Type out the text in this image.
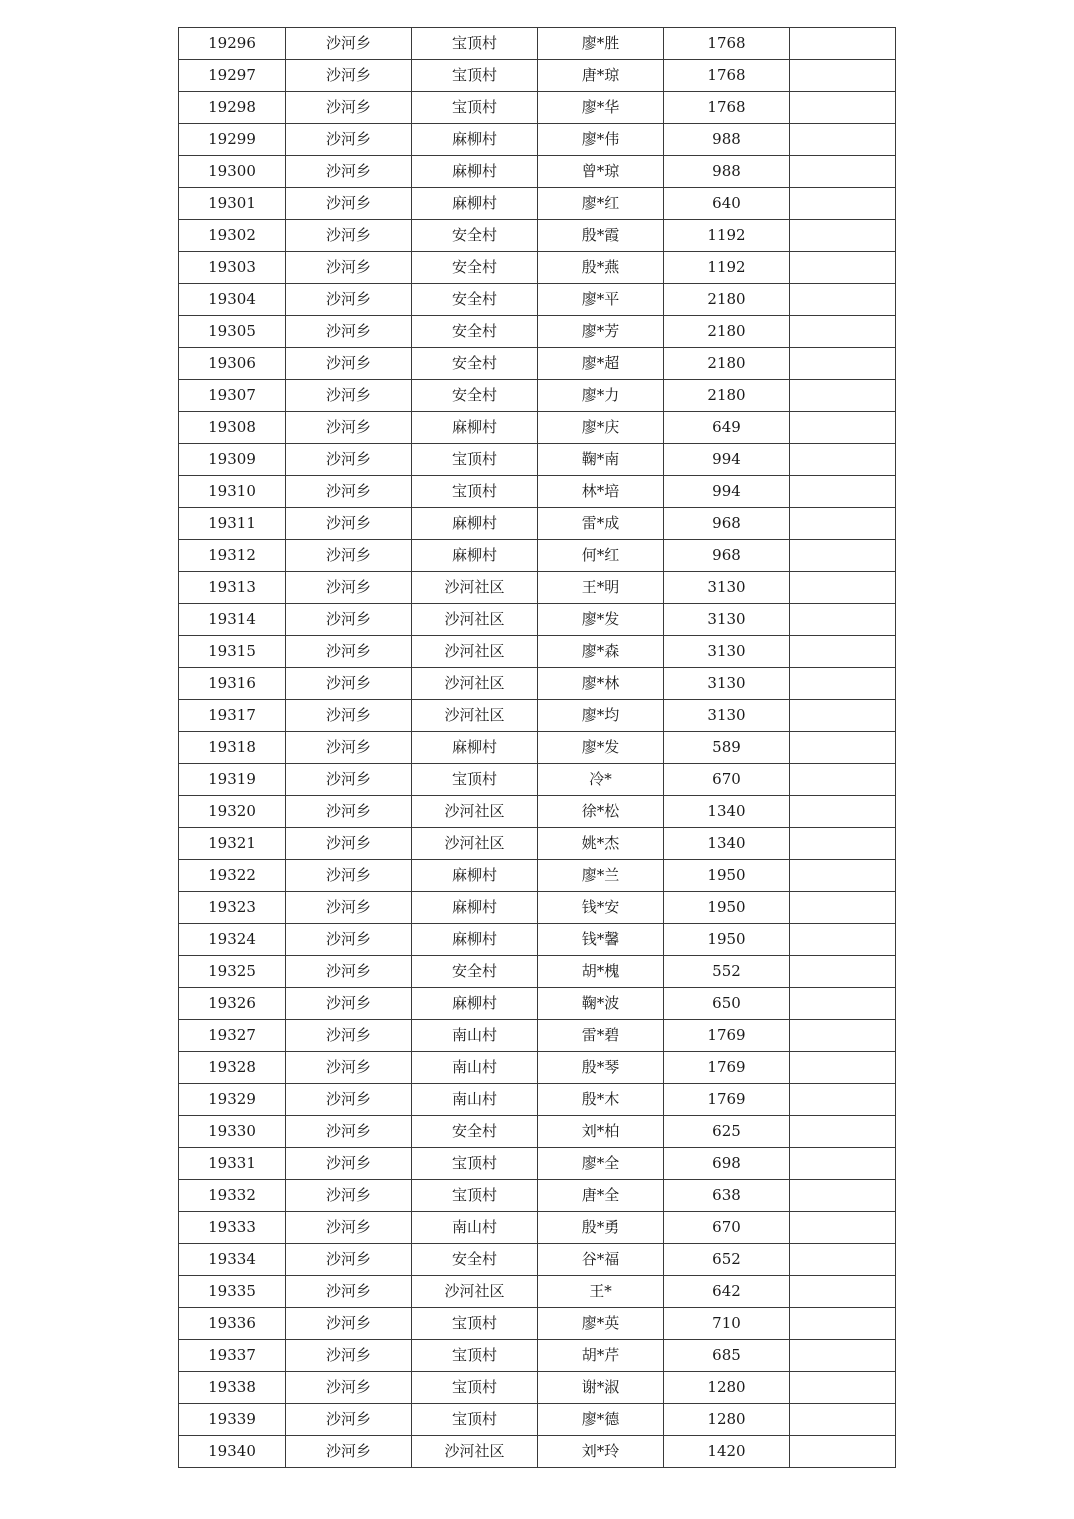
19296	沙河乡	宝顶村	廖*胜	1768	
19297	沙河乡	宝顶村	唐*琼	1768	
19298	沙河乡	宝顶村	廖*华	1768	
19299	沙河乡	麻柳村	廖*伟	988	
19300	沙河乡	麻柳村	曾*琼	988	
19301	沙河乡	麻柳村	廖*红	640	
19302	沙河乡	安全村	殷*霞	1192	
19303	沙河乡	安全村	殷*燕	1192	
19304	沙河乡	安全村	廖*平	2180	
19305	沙河乡	安全村	廖*芳	2180	
19306	沙河乡	安全村	廖*超	2180	
19307	沙河乡	安全村	廖*力	2180	
19308	沙河乡	麻柳村	廖*庆	649	
19309	沙河乡	宝顶村	鞠*南	994	
19310	沙河乡	宝顶村	林*培	994	
19311	沙河乡	麻柳村	雷*成	968	
19312	沙河乡	麻柳村	何*红	968	
19313	沙河乡	沙河社区	王*明	3130	
19314	沙河乡	沙河社区	廖*发	3130	
19315	沙河乡	沙河社区	廖*森	3130	
19316	沙河乡	沙河社区	廖*林	3130	
19317	沙河乡	沙河社区	廖*均	3130	
19318	沙河乡	麻柳村	廖*发	589	
19319	沙河乡	宝顶村	冷*	670	
19320	沙河乡	沙河社区	徐*松	1340	
19321	沙河乡	沙河社区	姚*杰	1340	
19322	沙河乡	麻柳村	廖*兰	1950	
19323	沙河乡	麻柳村	钱*安	1950	
19324	沙河乡	麻柳村	钱*馨	1950	
19325	沙河乡	安全村	胡*槐	552	
19326	沙河乡	麻柳村	鞠*波	650	
19327	沙河乡	南山村	雷*碧	1769	
19328	沙河乡	南山村	殷*琴	1769	
19329	沙河乡	南山村	殷*木	1769	
19330	沙河乡	安全村	刘*柏	625	
19331	沙河乡	宝顶村	廖*全	698	
19332	沙河乡	宝顶村	唐*全	638	
19333	沙河乡	南山村	殷*勇	670	
19334	沙河乡	安全村	谷*福	652	
19335	沙河乡	沙河社区	王*	642	
19336	沙河乡	宝顶村	廖*英	710	
19337	沙河乡	宝顶村	胡*芹	685	
19338	沙河乡	宝顶村	谢*淑	1280	
19339	沙河乡	宝顶村	廖*德	1280	
19340	沙河乡	沙河社区	刘*玲	1420	
